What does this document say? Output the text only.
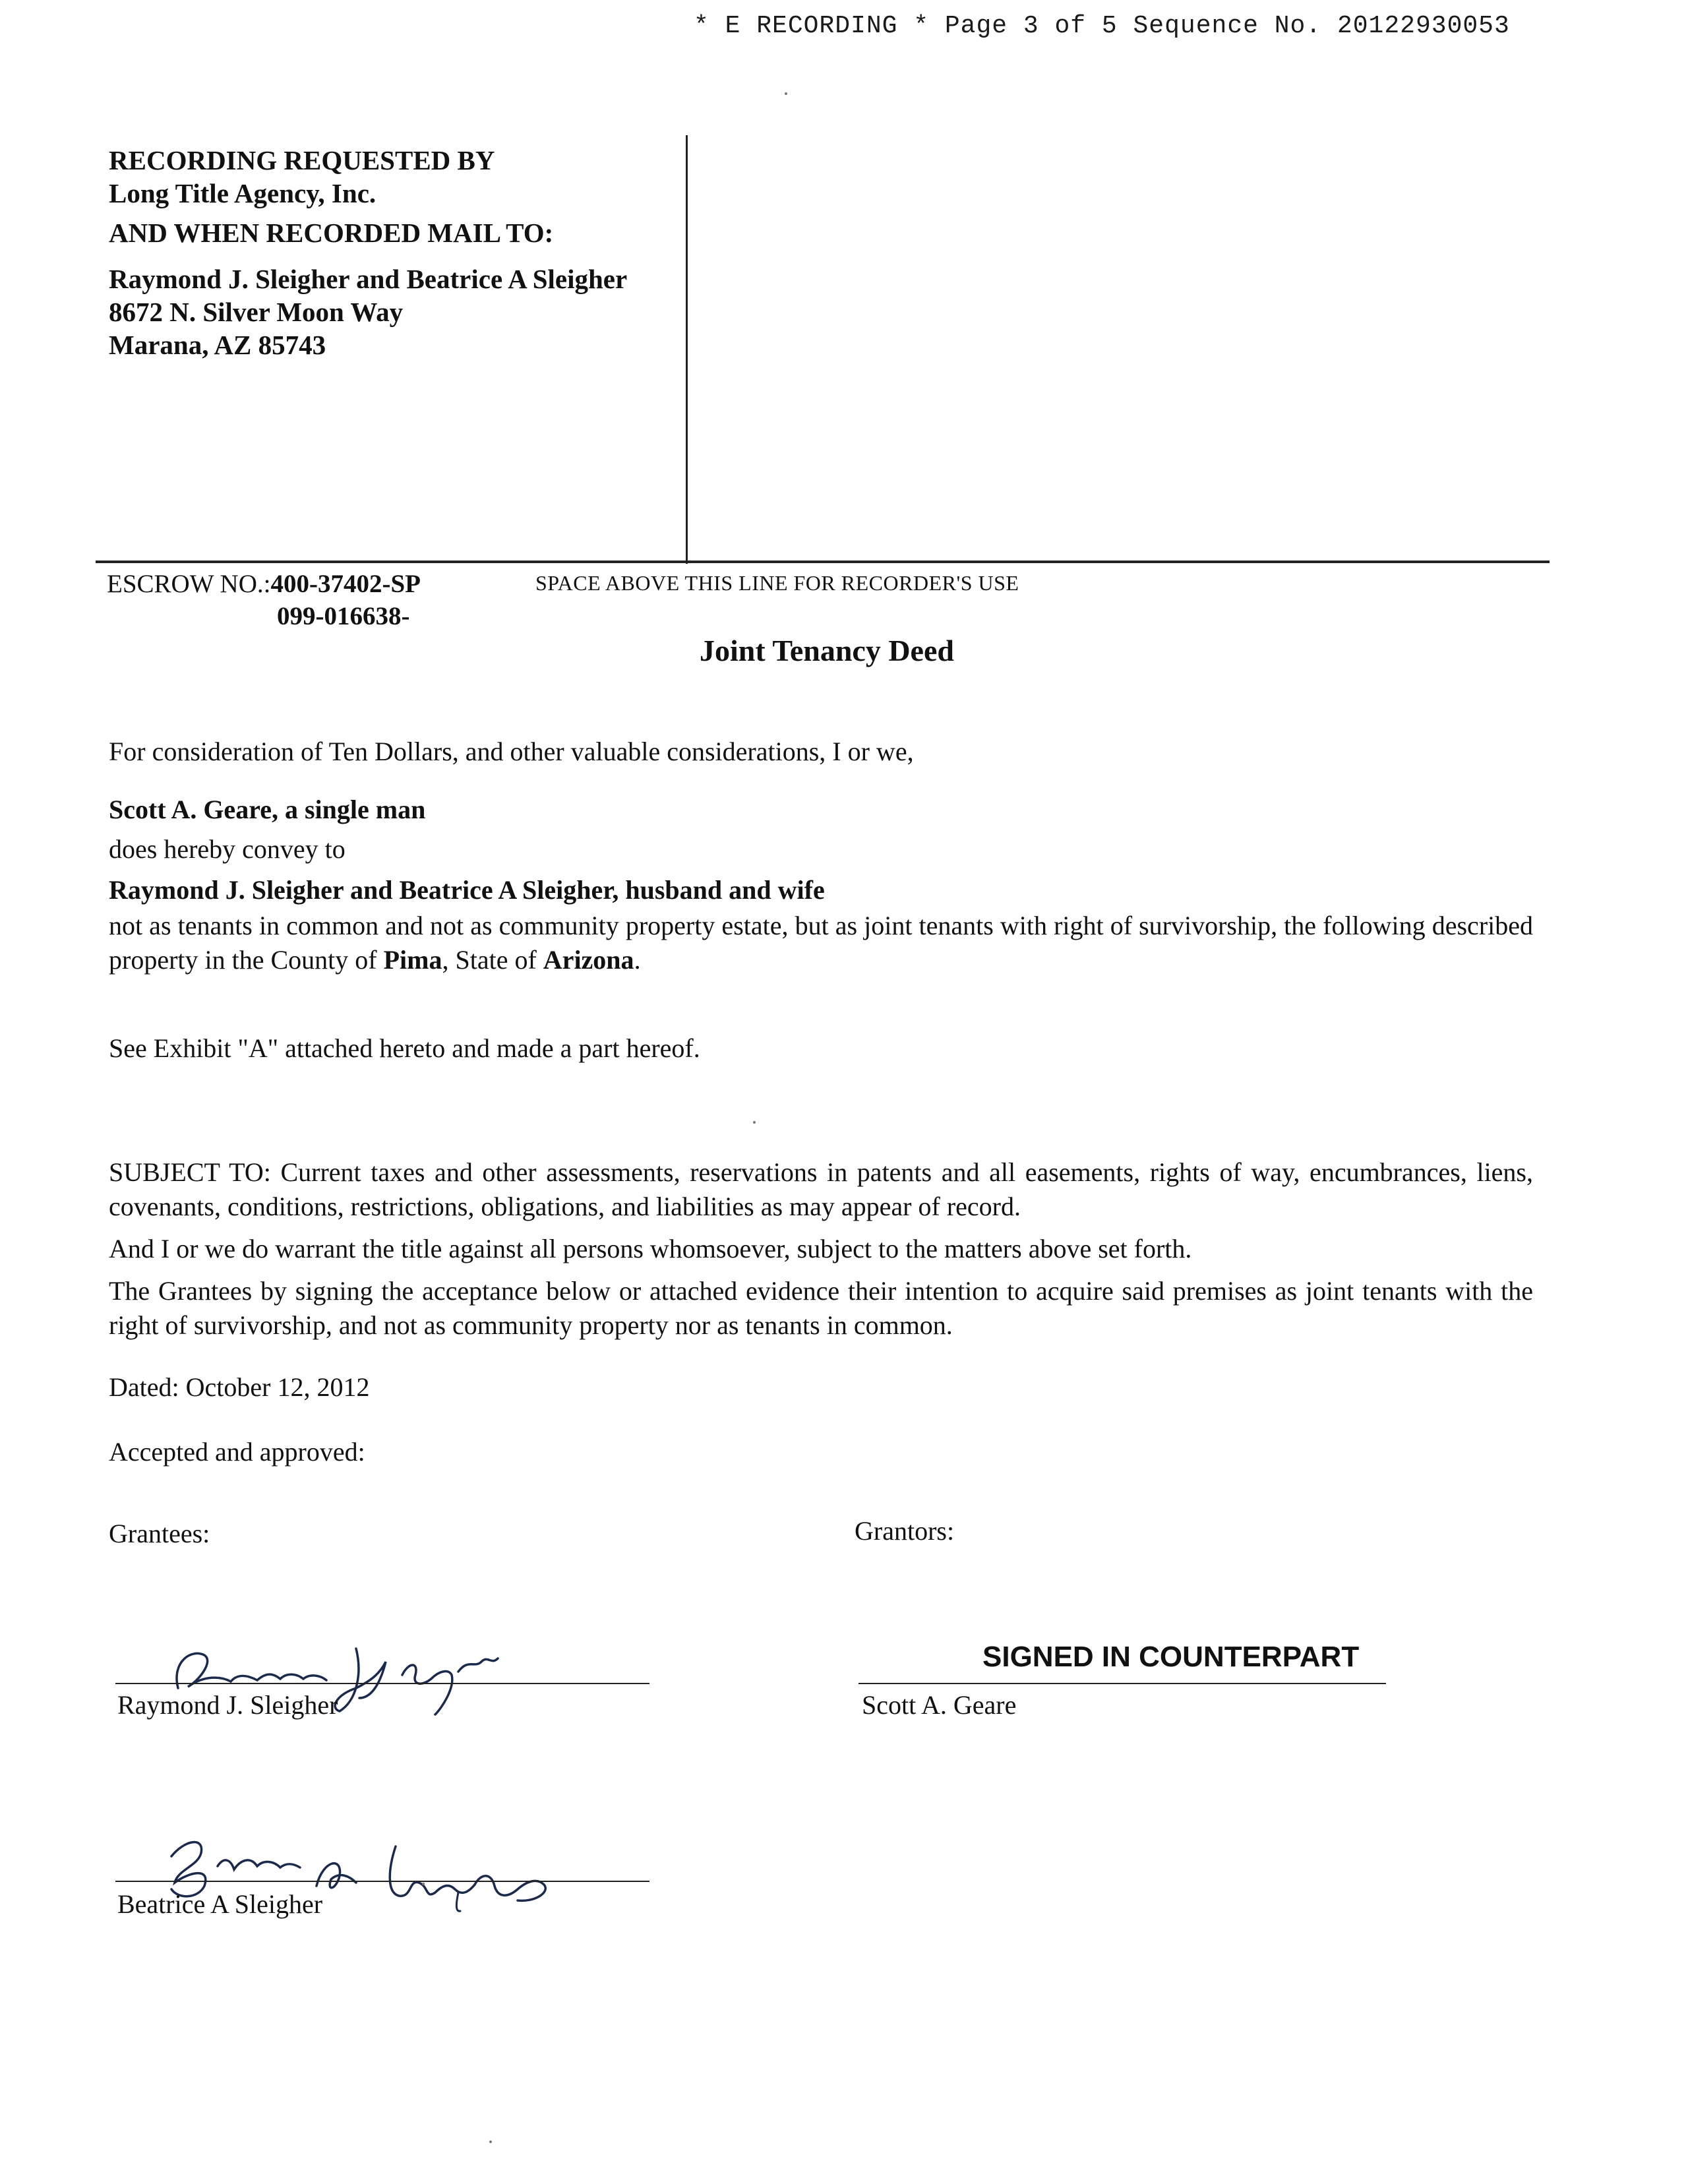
* E RECORDING * Page 3 of 5 Sequence No. 20122930053
RECORDING REQUESTED BY
Long Title Agency, Inc.
AND WHEN RECORDED MAIL TO:
Raymond J. Sleigher and Beatrice A Sleigher
8672 N. Silver Moon Way
Marana, AZ 85743
ESCROW NO.:400-37402-SP
099-016638-
SPACE ABOVE THIS LINE FOR RECORDER'S USE
Joint Tenancy Deed
For consideration of Ten Dollars, and other valuable considerations, I or we,
Scott A. Geare, a single man
does hereby convey to
Raymond J. Sleigher and Beatrice A Sleigher, husband and wife
not as tenants in common and not as community property estate, but as joint tenants with right of survivorship, the following described property in the County of Pima, State of Arizona.
See Exhibit "A" attached hereto and made a part hereof.
SUBJECT TO: Current taxes and other assessments, reservations in patents and all easements, rights of way, encumbrances, liens, covenants, conditions, restrictions, obligations, and liabilities as may appear of record.
And I or we do warrant the title against all persons whomsoever, subject to the matters above set forth.
The Grantees by signing the acceptance below or attached evidence their intention to acquire said premises as joint tenants with the right of survivorship, and not as community property nor as tenants in common.
Dated: October 12, 2012
Accepted and approved:
Grantees:	Grantors:
Raymond J. Sleigher
SIGNED IN COUNTERPART
Scott A. Geare
Beatrice A Sleigher
